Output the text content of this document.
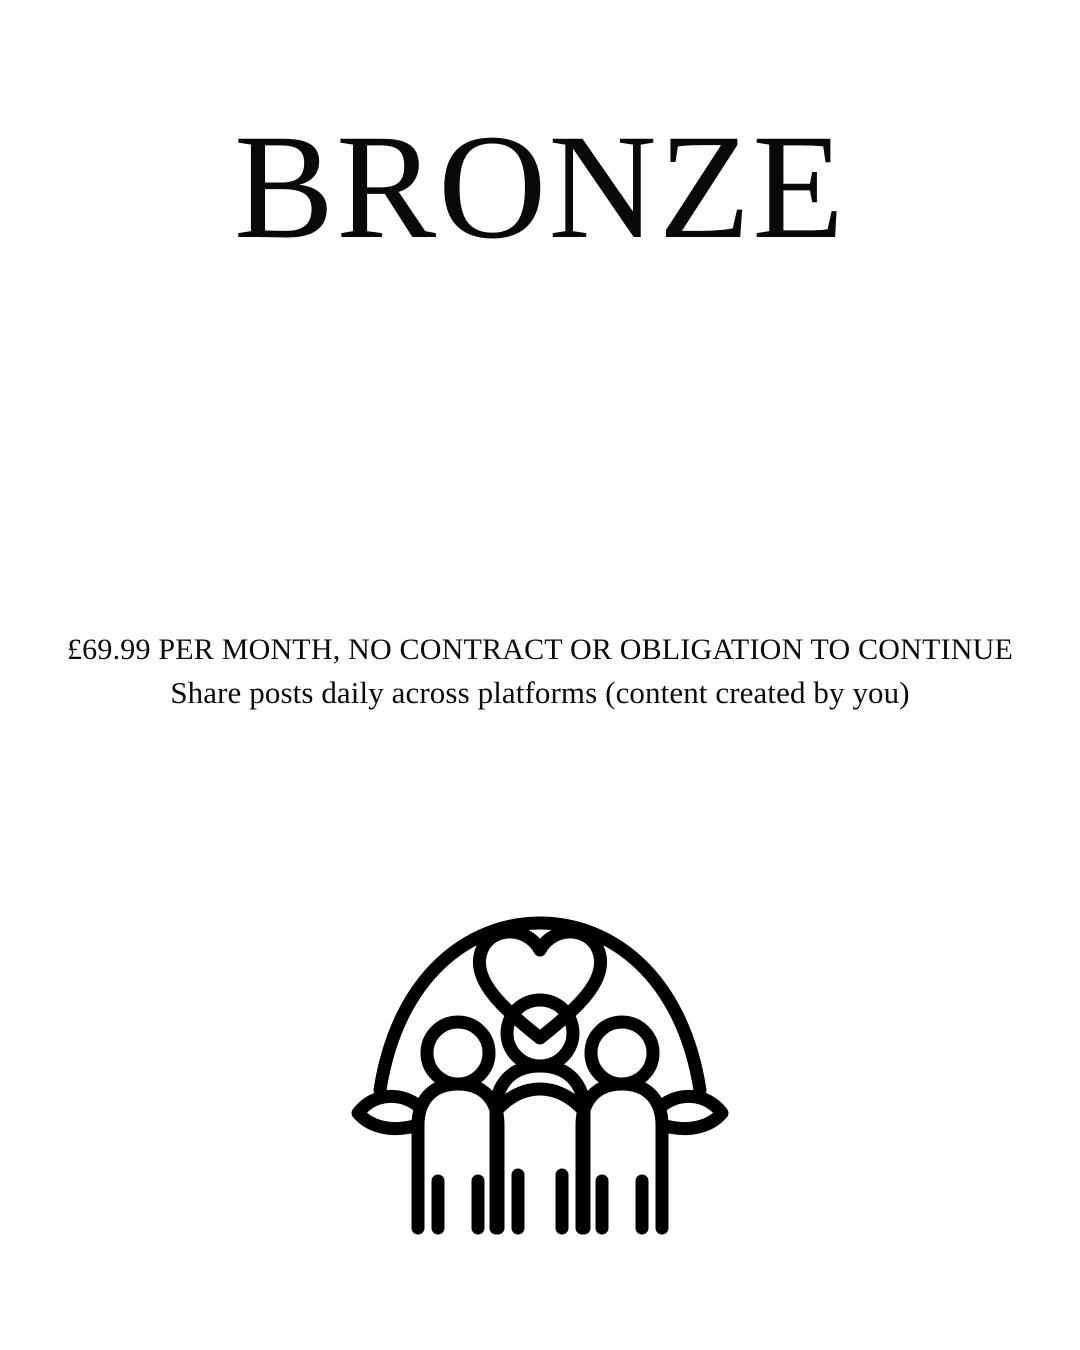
BRONZE
£69.99 PER MONTH, NO CONTRACT OR OBLIGATION TO CONTINUE
Share posts daily across platforms (content created by you)
